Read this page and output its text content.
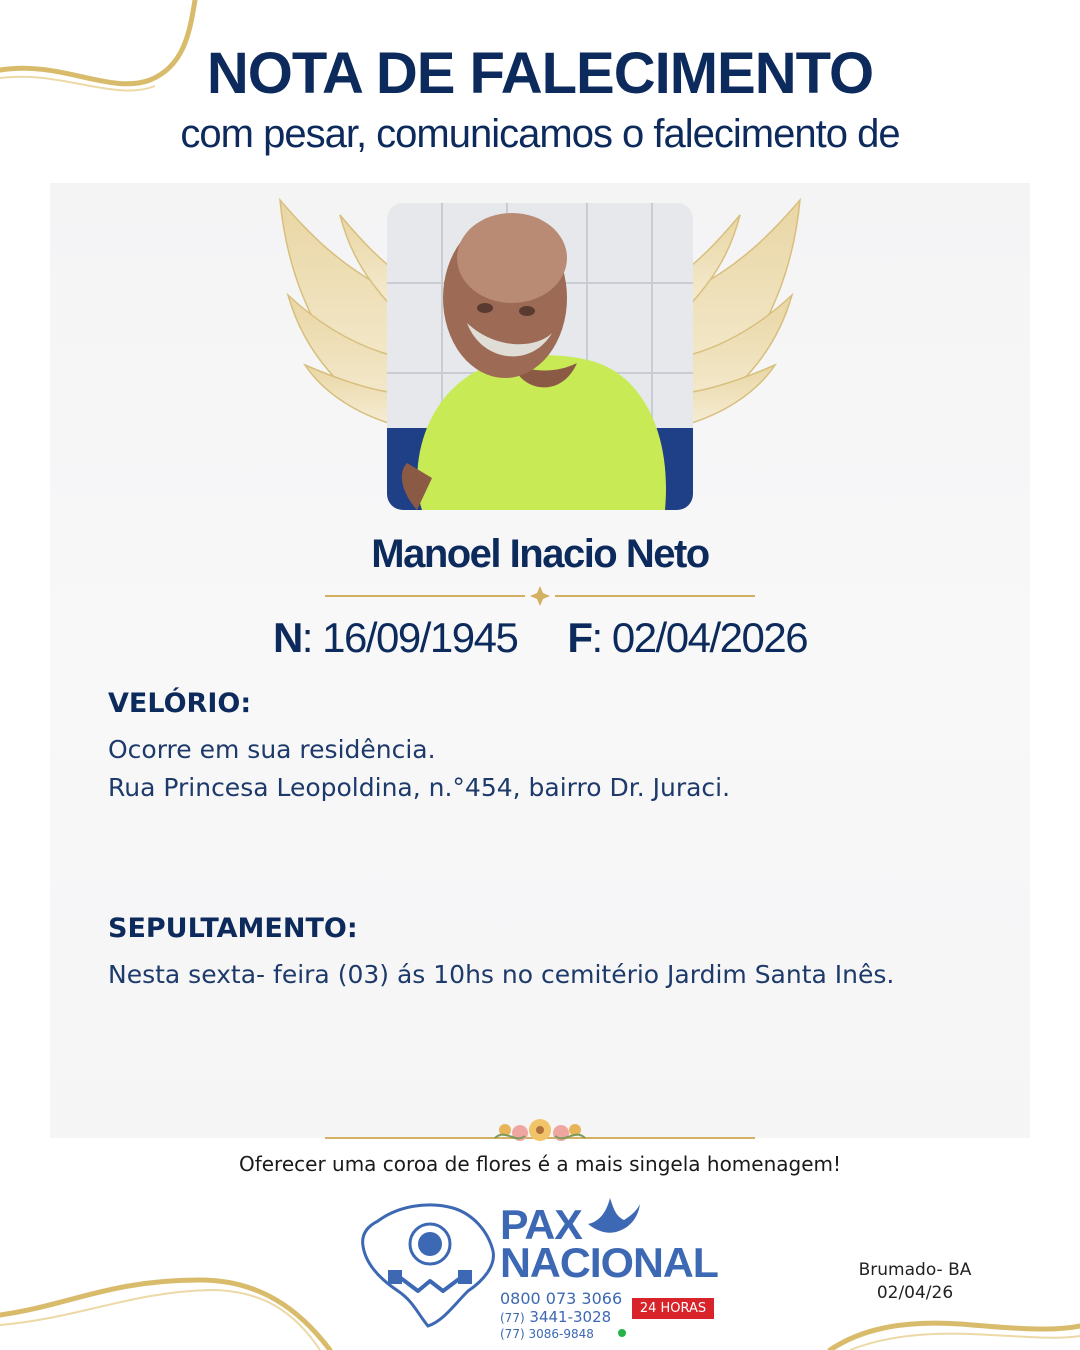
NOTA DE FALECIMENTO
com pesar, comunicamos o falecimento de
Manoel Inacio Neto
N: 16/09/1945 F: 02/04/2026
VELÓRIO:
Ocorre em sua residência.
Rua Princesa Leopoldina, n.°454, bairro Dr. Juraci.
SEPULTAMENTO:
Nesta sexta- feira (03) ás 10hs no cemitério Jardim Santa Inês.
Oferecer uma coroa de flores é a mais singela homenagem!
PAX
NACIONAL
0800 073 3066
(77) 3441-3028
(77) 3086-9848
24 HORAS
Brumado- BA
02/04/26
